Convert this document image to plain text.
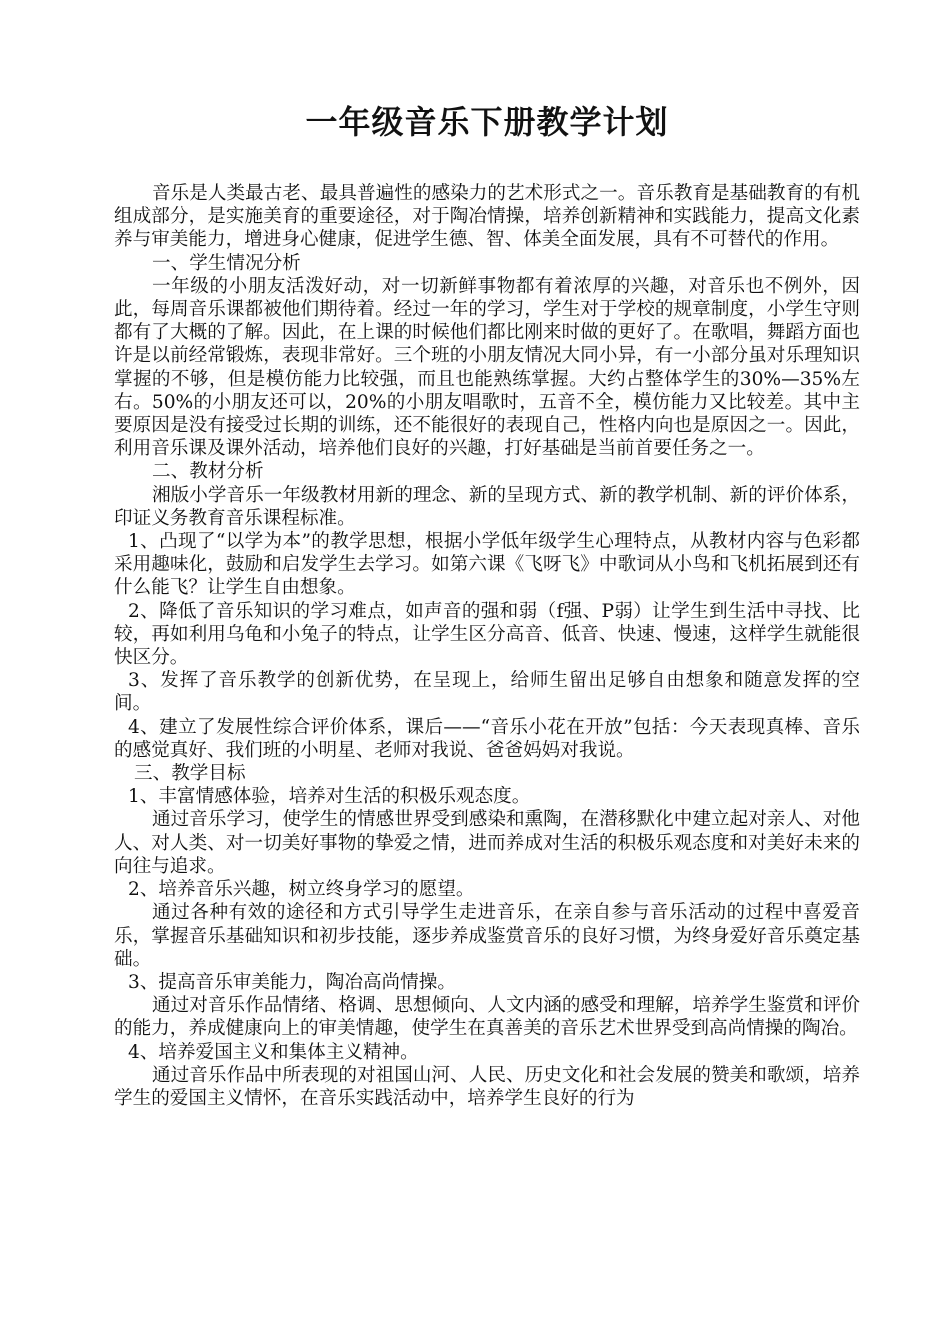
一年级音乐下册教学计划

音乐是人类最古老、最具普遍性的感染力的艺术形式之一。音乐教育是基础教育的有机组成部分，是实施美育的重要途径，对于陶冶情操，培养创新精神和实践能力，提高文化素养与审美能力，增进身心健康，促进学生德、智、体美全面发展，具有不可替代的作用。

一、学生情况分析

一年级的小朋友活泼好动，对一切新鲜事物都有着浓厚的兴趣，对音乐也不例外，因此，每周音乐课都被他们期待着。经过一年的学习，学生对于学校的规章制度，小学生守则都有了大概的了解。因此，在上课的时候他们都比刚来时做的更好了。在歌唱，舞蹈方面也许是以前经常锻炼，表现非常好。三个班的小朋友情况大同小异，有一小部分虽对乐理知识掌握的不够，但是模仿能力比较强，而且也能熟练掌握。大约占整体学生的30%—35%左右。50%的小朋友还可以，20%的小朋友唱歌时，五音不全，模仿能力又比较差。其中主要原因是没有接受过长期的训练，还不能很好的表现自己，性格内向也是原因之一。因此，利用音乐课及课外活动，培养他们良好的兴趣，打好基础是当前首要任务之一。

二、教材分析

湘版小学音乐一年级教材用新的理念、新的呈现方式、新的教学机制、新的评价体系，印证义务教育音乐课程标准。

1、凸现了“以学为本”的教学思想，根据小学低年级学生心理特点，从教材内容与色彩都采用趣味化，鼓励和启发学生去学习。如第六课《飞呀飞》中歌词从小鸟和飞机拓展到还有什么能飞？让学生自由想象。

2、降低了音乐知识的学习难点，如声音的强和弱（f强、P弱）让学生到生活中寻找、比较，再如利用乌龟和小兔子的特点，让学生区分高音、低音、快速、慢速，这样学生就能很快区分。

3、发挥了音乐教学的创新优势，在呈现上，给师生留出足够自由想象和随意发挥的空间。

4、建立了发展性综合评价体系，课后——“音乐小花在开放”包括：今天表现真棒、音乐的感觉真好、我们班的小明星、老师对我说、爸爸妈妈对我说。

三、教学目标

1、丰富情感体验，培养对生活的积极乐观态度。

通过音乐学习，使学生的情感世界受到感染和熏陶，在潜移默化中建立起对亲人、对他人、对人类、对一切美好事物的挚爱之情，进而养成对生活的积极乐观态度和对美好未来的向往与追求。

2、培养音乐兴趣，树立终身学习的愿望。

通过各种有效的途径和方式引导学生走进音乐，在亲自参与音乐活动的过程中喜爱音乐，掌握音乐基础知识和初步技能，逐步养成鉴赏音乐的良好习惯，为终身爱好音乐奠定基础。

3、提高音乐审美能力，陶冶高尚情操。

通过对音乐作品情绪、格调、思想倾向、人文内涵的感受和理解，培养学生鉴赏和评价的能力，养成健康向上的审美情趣，使学生在真善美的音乐艺术世界受到高尚情操的陶冶。

4、培养爱国主义和集体主义精神。

通过音乐作品中所表现的对祖国山河、人民、历史文化和社会发展的赞美和歌颂，培养学生的爱国主义情怀，在音乐实践活动中，培养学生良好的行为
